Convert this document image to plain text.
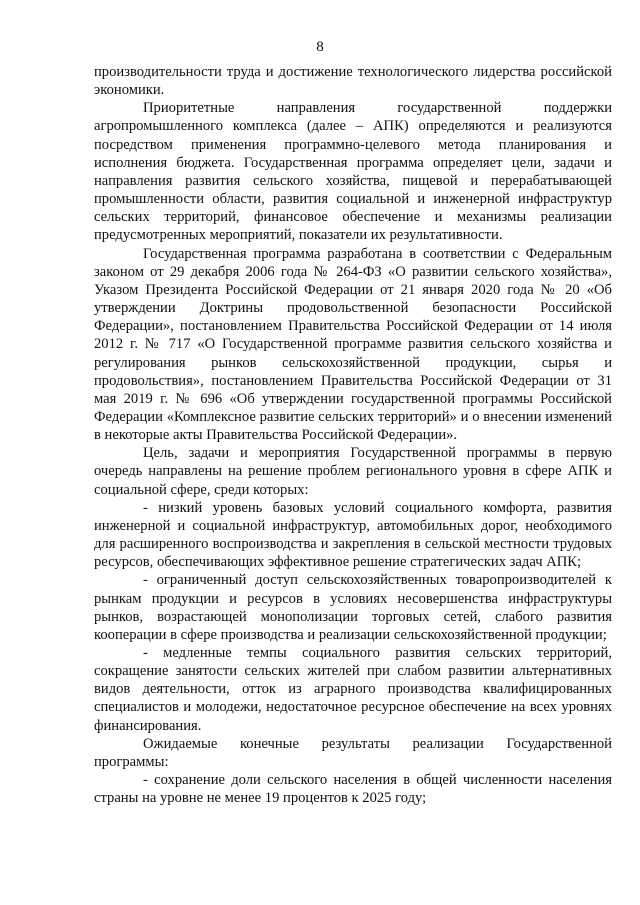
8

производительности труда и достижение технологического лидерства российской экономики.

Приоритетные направления государственной поддержки агропромышленного комплекса (далее – АПК) определяются и реализуются посредством применения программно-целевого метода планирования и исполнения бюджета. Государственная программа определяет цели, задачи и направления развития сельского хозяйства, пищевой и перерабатывающей промышленности области, развития социальной и инженерной инфраструктур сельских территорий, финансовое обеспечение и механизмы реализации предусмотренных мероприятий, показатели их результативности.

Государственная программа разработана в соответствии с Федеральным законом от 29 декабря 2006 года № 264-ФЗ «О развитии сельского хозяйства», Указом Президента Российской Федерации от 21 января 2020 года № 20 «Об утверждении Доктрины продовольственной безопасности Российской Федерации», постановлением Правительства Российской Федерации от 14 июля 2012 г. № 717 «О Государственной программе развития сельского хозяйства и регулирования рынков сельскохозяйственной продукции, сырья и продовольствия», постановлением Правительства Российской Федерации от 31 мая 2019 г. № 696 «Об утверждении государственной программы Российской Федерации «Комплексное развитие сельских территорий» и о внесении изменений в некоторые акты Правительства Российской Федерации».

Цель, задачи и мероприятия Государственной программы в первую очередь направлены на решение проблем регионального уровня в сфере АПК и социальной сфере, среди которых:

- низкий уровень базовых условий социального комфорта, развития инженерной и социальной инфраструктур, автомобильных дорог, необходимого для расширенного воспроизводства и закрепления в сельской местности трудовых ресурсов, обеспечивающих эффективное решение стратегических задач АПК;

- ограниченный доступ сельскохозяйственных товаропроизводителей к рынкам продукции и ресурсов в условиях несовершенства инфраструктуры рынков, возрастающей монополизации торговых сетей, слабого развития кооперации в сфере производства и реализации сельскохозяйственной продукции;

- медленные темпы социального развития сельских территорий, сокращение занятости сельских жителей при слабом развитии альтернативных видов деятельности, отток из аграрного производства квалифицированных специалистов и молодежи, недостаточное ресурсное обеспечение на всех уровнях финансирования.

Ожидаемые конечные результаты реализации Государственной программы:

- сохранение доли сельского населения в общей численности населения страны на уровне не менее 19 процентов к 2025 году;
